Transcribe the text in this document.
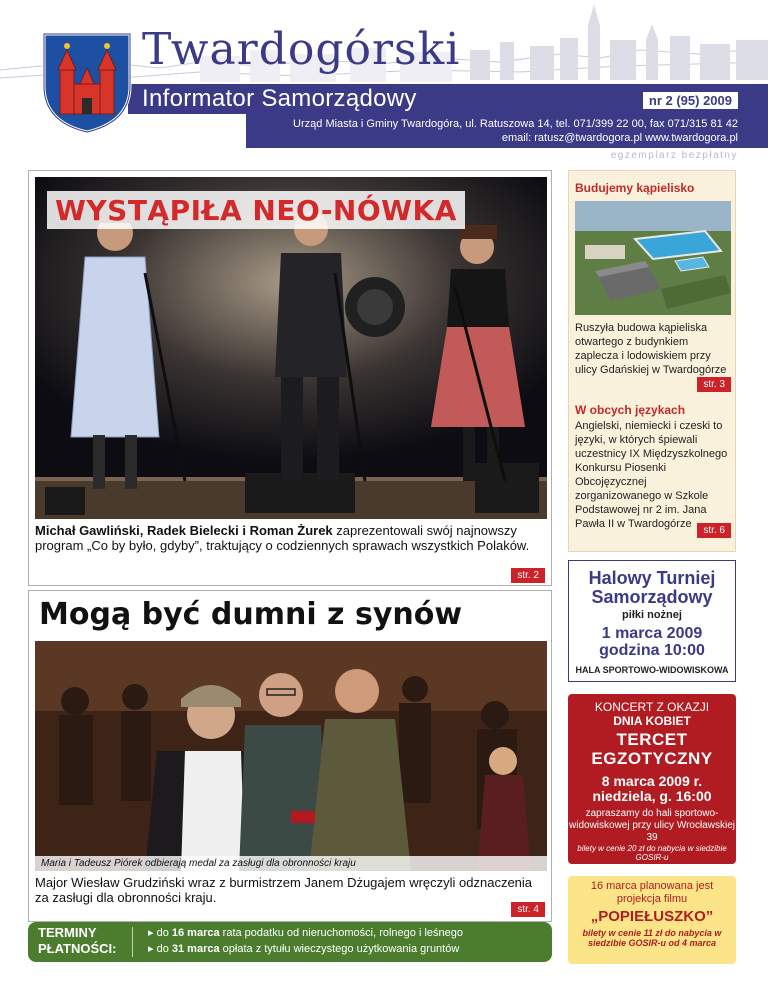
Informator Samorządowy	nr 2 (95) 2009
Urząd Miasta i Gminy Twardogóra, ul. Ratuszowa 14, tel. 071/399 22 00, fax 071/315 81 42
email: ratusz@twardogora.pl www.twardogora.pl
Twardogórski
egzemplarz bezpłatny
WYSTĄPIŁA NEO-NÓWKA
Michał Gawliński, Radek Bielecki i Roman Żurek zaprezentowali swój najnowszy program „Co by było, gdyby”, traktujący o codziennych sprawach wszystkich Polaków.
str. 2
Mogą być dumni z synów
Maria i Tadeusz Piórek odbierają medal za zasługi dla obronności kraju
Major Wiesław Grudziński wraz z burmistrzem Janem Dżugajem wręczyli odznaczenia za zasługi dla obronności kraju.
str. 4
TERMINY PŁATNOŚCI:
▸ do 16 marca rata podatku od nieruchomości, rolnego i leśnego
▸ do 31 marca opłata z tytułu wieczystego użytkowania gruntów
Budujemy kąpielisko
Ruszyła budowa kąpieliska otwartego z budynkiem zaplecza i lodowiskiem przy ulicy Gdańskiej w Twardogórze
str. 3
W obcych językach
Angielski, niemiecki i czeski to języki, w których śpiewali uczestnicy IX Międzyszkolnego Konkursu Piosenki Obcojęzycznej zorganizowanego w Szkole Podstawowej nr 2 im. Jana Pawła II w Twardogórze
str. 6
Halowy Turniej Samorządowy
piłki nożnej
1 marca 2009
godzina 10:00
HALA SPORTOWO-WIDOWISKOWA
KONCERT Z OKAZJI
DNIA KOBIET
TERCET
EGZOTYCZNY
8 marca 2009 r.
niedziela, g. 16:00
zapraszamy do hali sportowo-widowiskowej przy ulicy Wrocławskiej 39
bilety w cenie 20 zł do nabycia w siedzibie GOSIR-u
16 marca planowana jest projekcja filmu
„POPIEŁUSZKO”
bilety w cenie 11 zł do nabycia w siedzibie GOSIR-u od 4 marca
